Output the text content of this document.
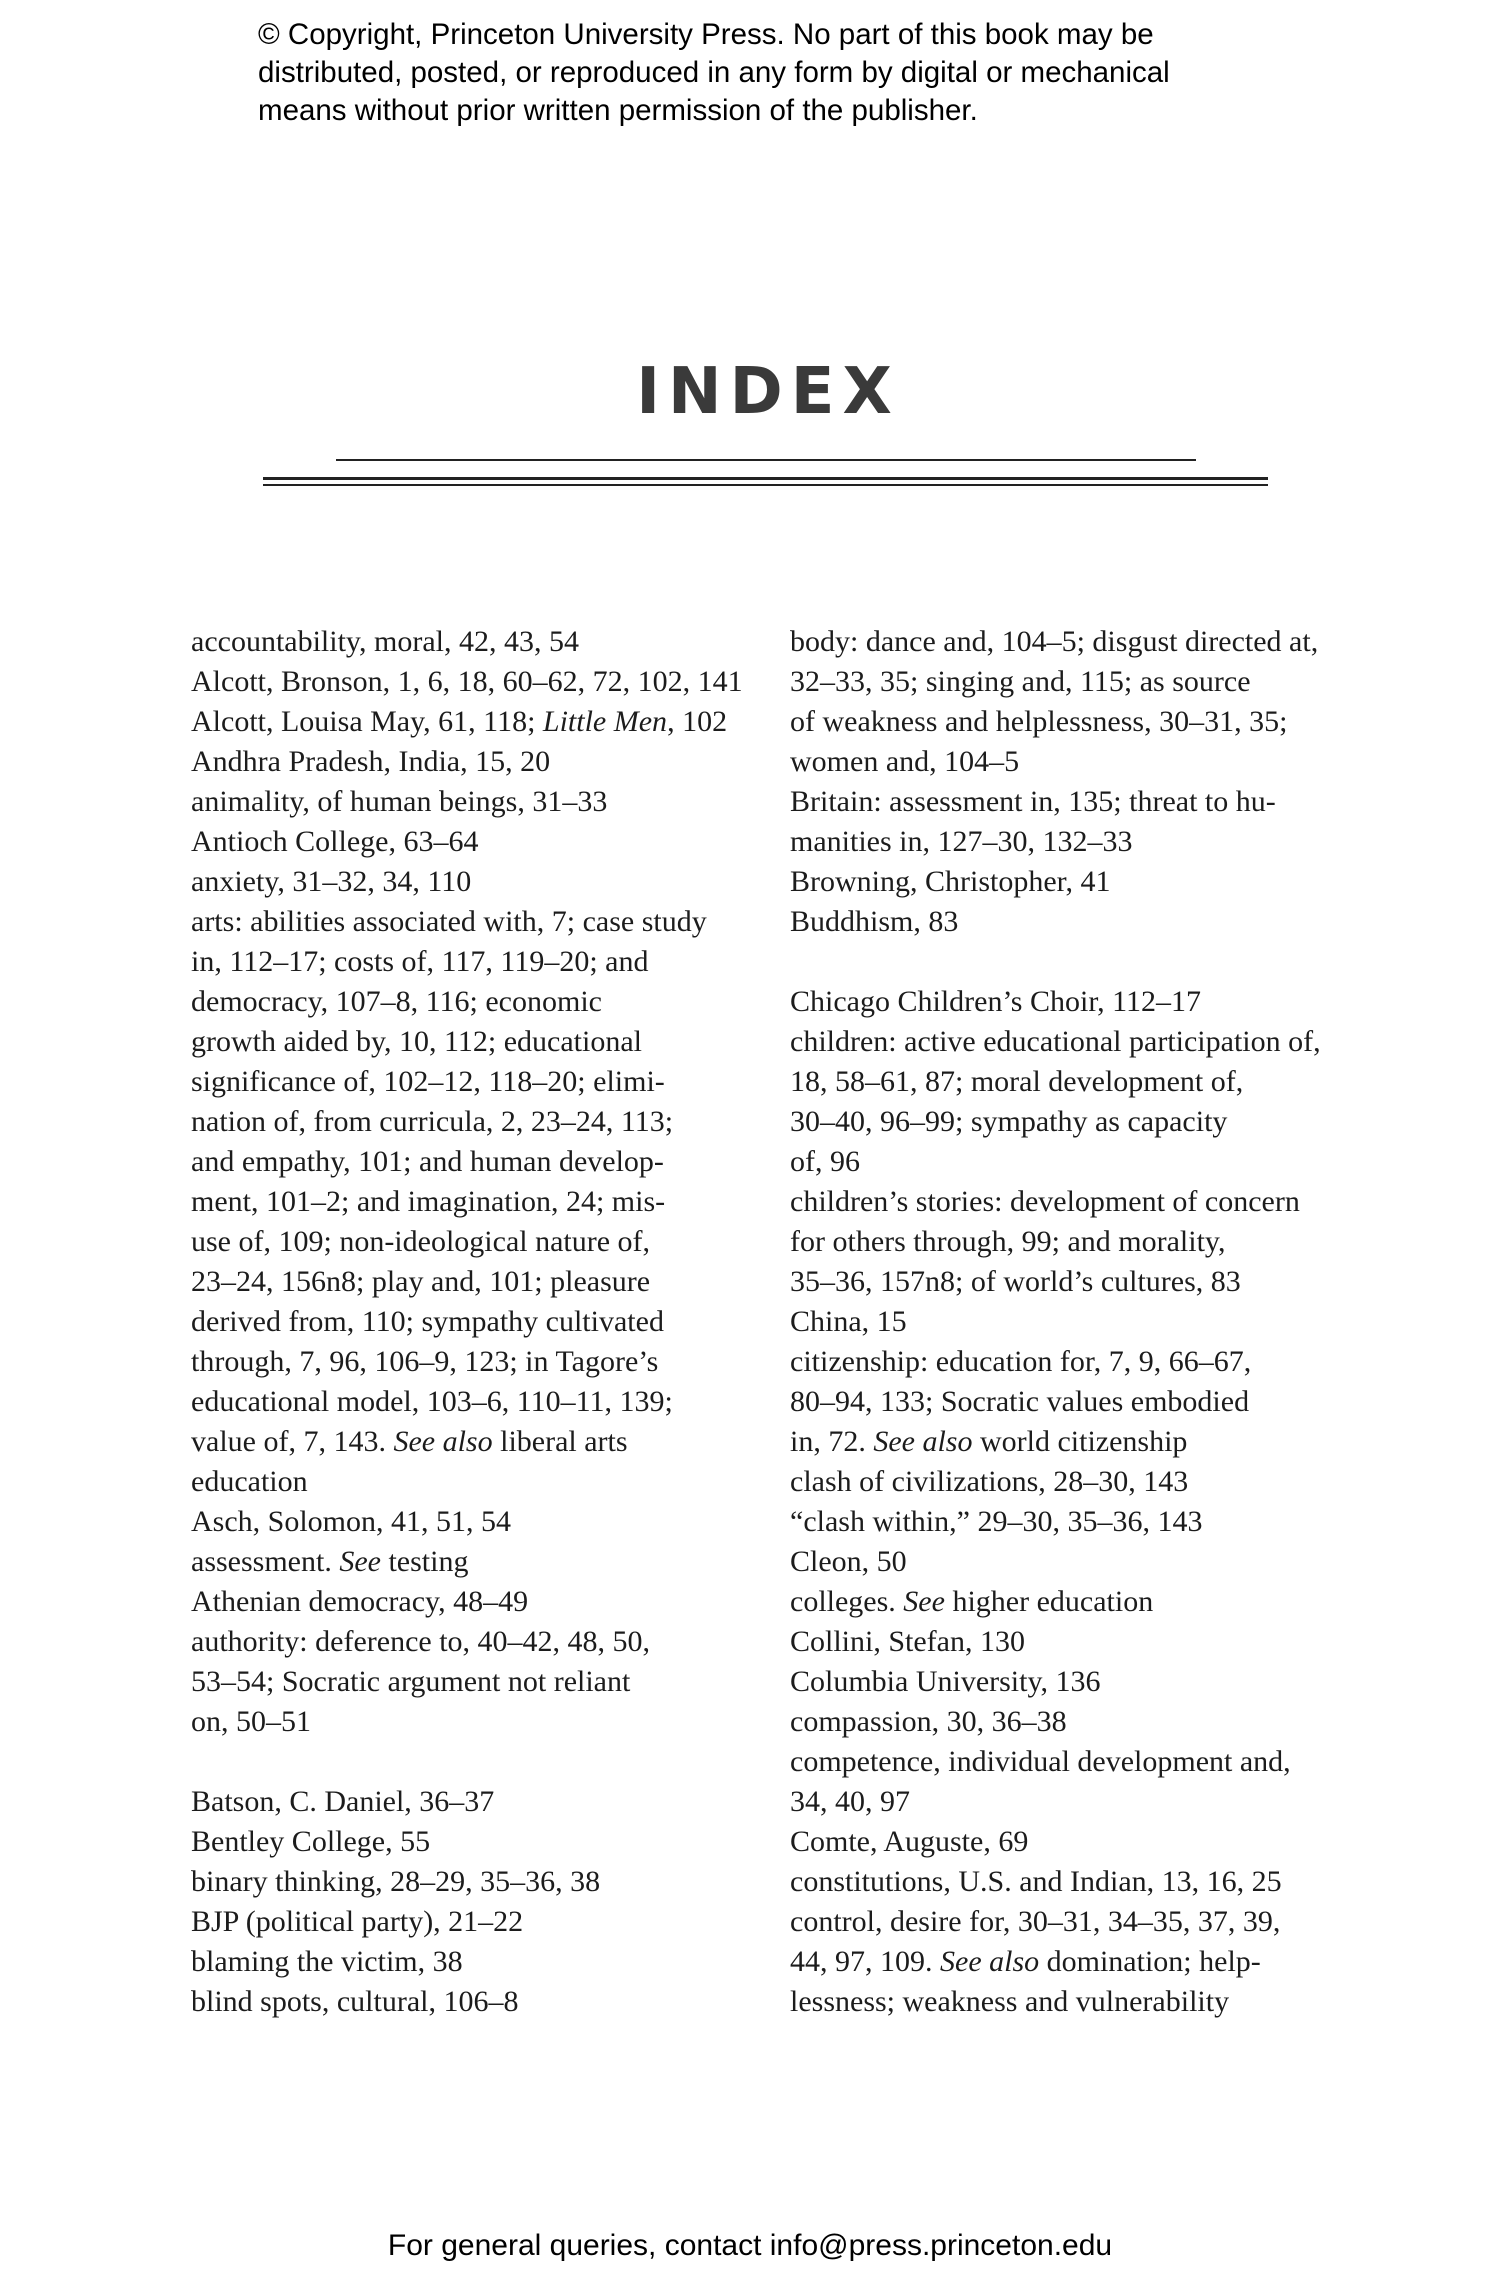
© Copyright, Princeton University Press. No part of this book may be
distributed, posted, or reproduced in any form by digital or mechanical
means without prior written permission of the publisher.
INDEX
accountability, moral, 42, 43, 54
Alcott, Bronson, 1, 6, 18, 60–62, 72, 102, 141
Alcott, Louisa May, 61, 118; Little Men, 102
Andhra Pradesh, India, 15, 20
animality, of human beings, 31–33
Antioch College, 63–64
anxiety, 31–32, 34, 110
arts: abilities associated with, 7; case study
in, 112–17; costs of, 117, 119–20; and
democracy, 107–8, 116; economic
growth aided by, 10, 112; educational
significance of, 102–12, 118–20; elimi-
nation of, from curricula, 2, 23–24, 113;
and empathy, 101; and human develop-
ment, 101–2; and imagination, 24; mis-
use of, 109; non-ideological nature of,
23–24, 156n8; play and, 101; pleasure
derived from, 110; sympathy cultivated
through, 7, 96, 106–9, 123; in Tagore’s
educational model, 103–6, 110–11, 139;
value of, 7, 143. See also liberal arts
education
Asch, Solomon, 41, 51, 54
assessment. See testing
Athenian democracy, 48–49
authority: deference to, 40–42, 48, 50,
53–54; Socratic argument not reliant
on, 50–51
Batson, C. Daniel, 36–37
Bentley College, 55
binary thinking, 28–29, 35–36, 38
BJP (political party), 21–22
blaming the victim, 38
blind spots, cultural, 106–8
body: dance and, 104–5; disgust directed at,
32–33, 35; singing and, 115; as source
of weakness and helplessness, 30–31, 35;
women and, 104–5
Britain: assessment in, 135; threat to hu-
manities in, 127–30, 132–33
Browning, Christopher, 41
Buddhism, 83
Chicago Children’s Choir, 112–17
children: active educational participation of,
18, 58–61, 87; moral development of,
30–40, 96–99; sympathy as capacity
of, 96
children’s stories: development of concern
for others through, 99; and morality,
35–36, 157n8; of world’s cultures, 83
China, 15
citizenship: education for, 7, 9, 66–67,
80–94, 133; Socratic values embodied
in, 72. See also world citizenship
clash of civilizations, 28–30, 143
“clash within,” 29–30, 35–36, 143
Cleon, 50
colleges. See higher education
Collini, Stefan, 130
Columbia University, 136
compassion, 30, 36–38
competence, individual development and,
34, 40, 97
Comte, Auguste, 69
constitutions, U.S. and Indian, 13, 16, 25
control, desire for, 30–31, 34–35, 37, 39,
44, 97, 109. See also domination; help-
lessness; weakness and vulnerability
For general queries, contact info@press.princeton.edu
